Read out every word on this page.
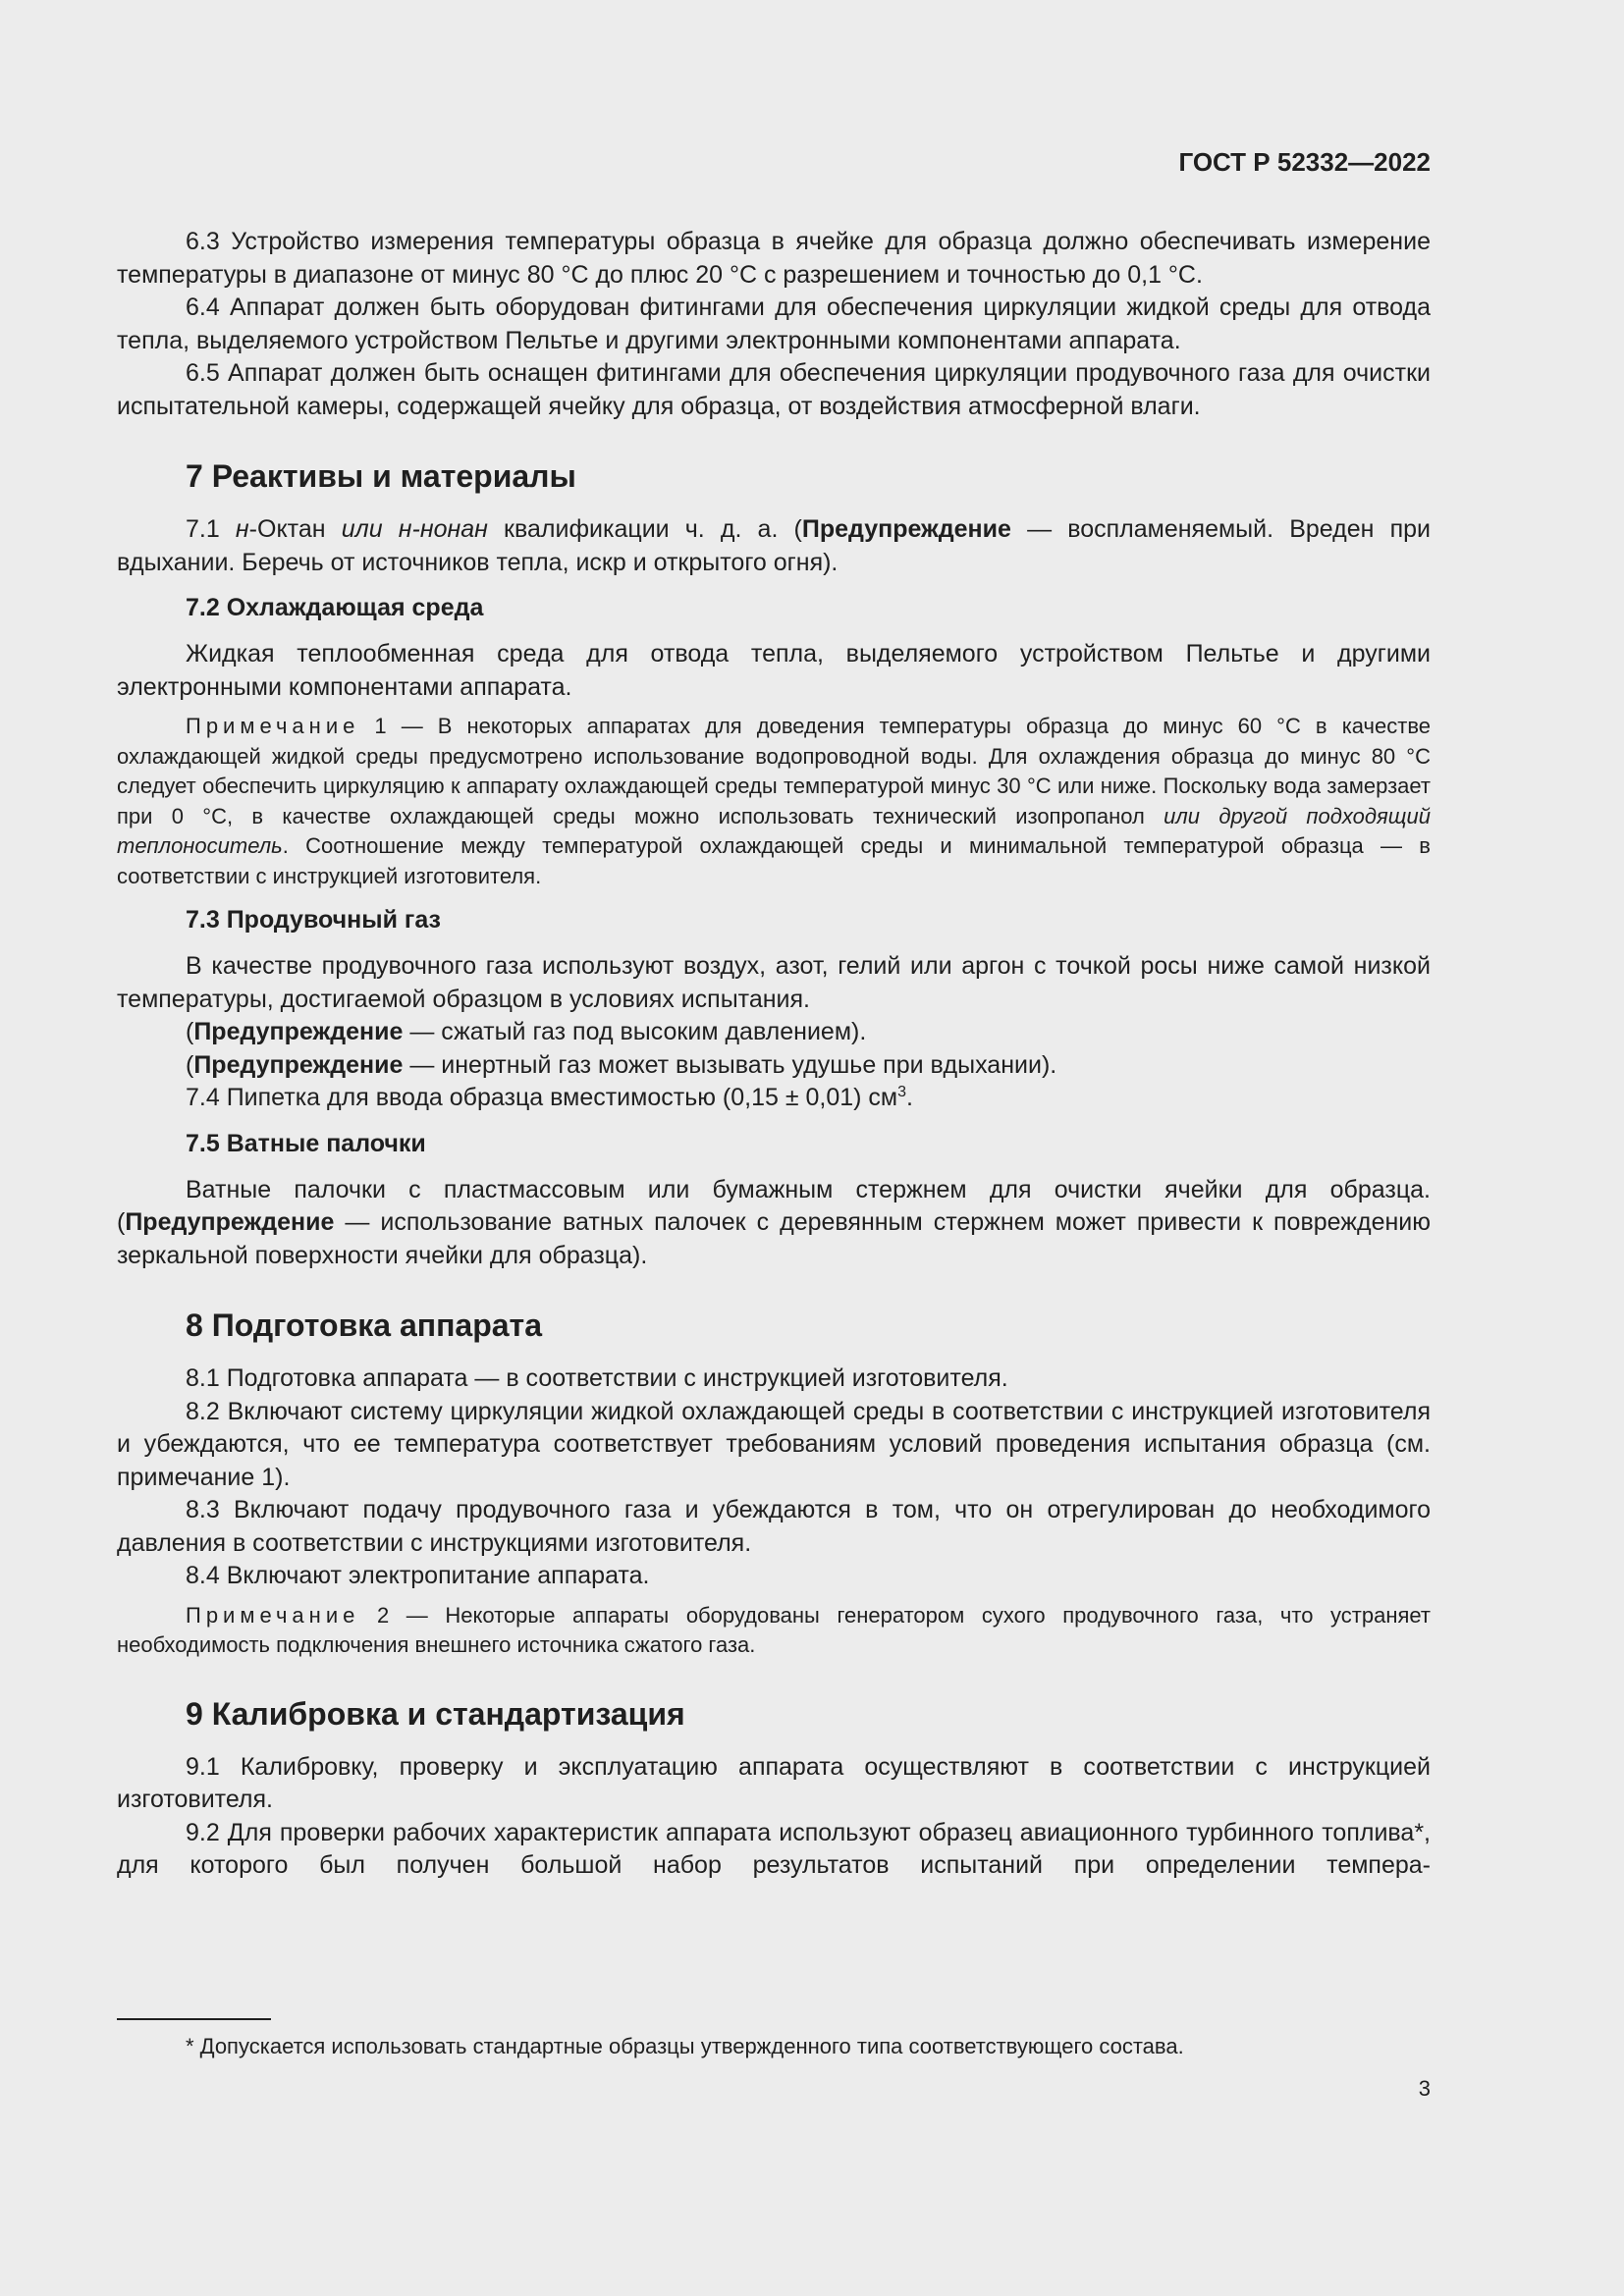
ГОСТ Р 52332—2022

6.3 Устройство измерения температуры образца в ячейке для образца должно обеспечивать измерение температуры в диапазоне от минус 80 °C до плюс 20 °C с разрешением и точностью до 0,1 °C.

6.4 Аппарат должен быть оборудован фитингами для обеспечения циркуляции жидкой среды для отвода тепла, выделяемого устройством Пельтье и другими электронными компонентами аппарата.

6.5 Аппарат должен быть оснащен фитингами для обеспечения циркуляции продувочного газа для очистки испытательной камеры, содержащей ячейку для образца, от воздействия атмосферной влаги.

7 Реактивы и материалы

7.1 н-Октан или н-нонан квалификации ч. д. а. (Предупреждение — воспламеняемый. Вреден при вдыхании. Беречь от источников тепла, искр и открытого огня).

7.2 Охлаждающая среда

Жидкая теплообменная среда для отвода тепла, выделяемого устройством Пельтье и другими электронными компонентами аппарата.

Примечание 1 — В некоторых аппаратах для доведения температуры образца до минус 60 °C в качестве охлаждающей жидкой среды предусмотрено использование водопроводной воды. Для охлаждения образца до минус 80 °C следует обеспечить циркуляцию к аппарату охлаждающей среды температурой минус 30 °C или ниже. Поскольку вода замерзает при 0 °C, в качестве охлаждающей среды можно использовать технический изопропанол или другой подходящий теплоноситель. Соотношение между температурой охлаждающей среды и минимальной температурой образца — в соответствии с инструкцией изготовителя.

7.3 Продувочный газ

В качестве продувочного газа используют воздух, азот, гелий или аргон с точкой росы ниже самой низкой температуры, достигаемой образцом в условиях испытания.

(Предупреждение — сжатый газ под высоким давлением).

(Предупреждение — инертный газ может вызывать удушье при вдыхании).

7.4 Пипетка для ввода образца вместимостью (0,15 ± 0,01) $см^3$.

7.5 Ватные палочки

Ватные палочки с пластмассовым или бумажным стержнем для очистки ячейки для образца. (Предупреждение — использование ватных палочек с деревянным стержнем может привести к повреждению зеркальной поверхности ячейки для образца).

8 Подготовка аппарата

8.1 Подготовка аппарата — в соответствии с инструкцией изготовителя.

8.2 Включают систему циркуляции жидкой охлаждающей среды в соответствии с инструкцией изготовителя и убеждаются, что ее температура соответствует требованиям условий проведения испытания образца (см. примечание 1).

8.3 Включают подачу продувочного газа и убеждаются в том, что он отрегулирован до необходимого давления в соответствии с инструкциями изготовителя.

8.4 Включают электропитание аппарата.

Примечание 2 — Некоторые аппараты оборудованы генератором сухого продувочного газа, что устраняет необходимость подключения внешнего источника сжатого газа.

9 Калибровка и стандартизация

9.1 Калибровку, проверку и эксплуатацию аппарата осуществляют в соответствии с инструкцией изготовителя.

9.2 Для проверки рабочих характеристик аппарата используют образец авиационного турбинного топлива*, для которого был получен большой набор результатов испытаний при определении темпера-

* Допускается использовать стандартные образцы утвержденного типа соответствующего состава.
3
